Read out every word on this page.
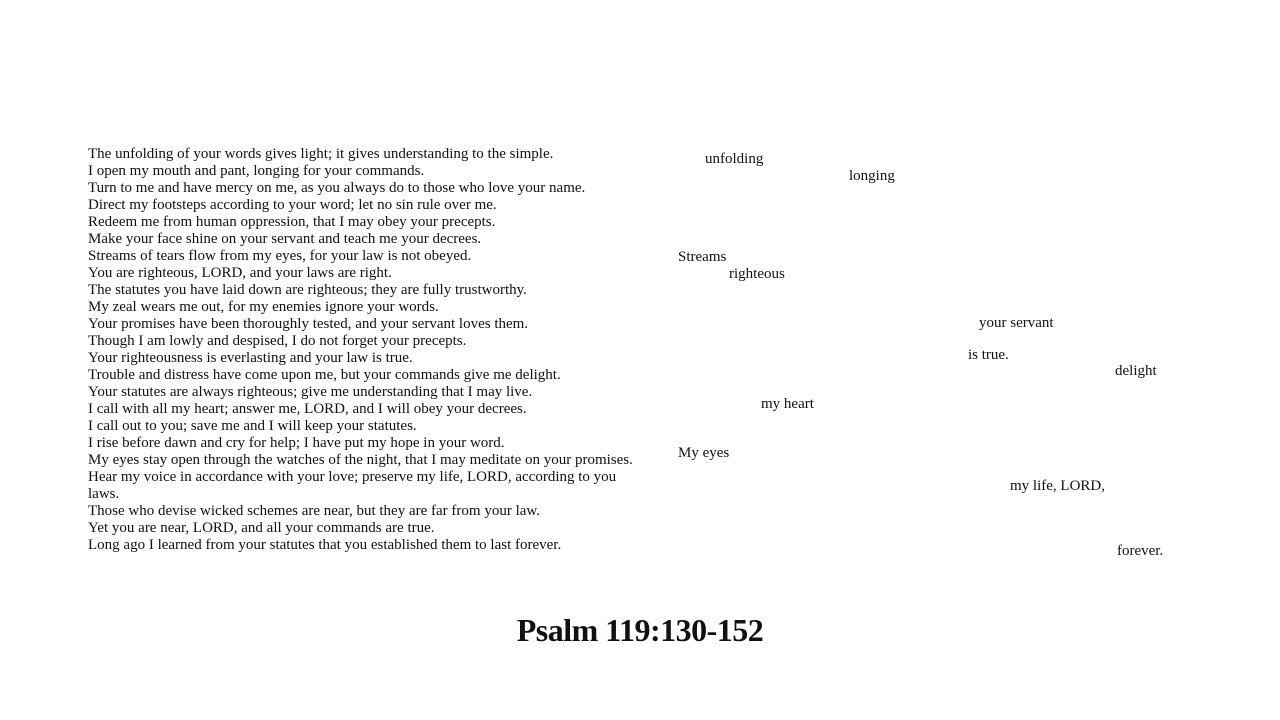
The unfolding of your words gives light; it gives understanding to the simple.
I open my mouth and pant, longing for your commands.
Turn to me and have mercy on me, as you always do to those who love your name.
Direct my footsteps according to your word; let no sin rule over me.
Redeem me from human oppression, that I may obey your precepts.
Make your face shine on your servant and teach me your decrees.
Streams of tears flow from my eyes, for your law is not obeyed.
You are righteous, LORD, and your laws are right.
The statutes you have laid down are righteous; they are fully trustworthy.
My zeal wears me out, for my enemies ignore your words.
Your promises have been thoroughly tested, and your servant loves them.
Though I am lowly and despised, I do not forget your precepts.
Your righteousness is everlasting and your law is true.
Trouble and distress have come upon me, but your commands give me delight.
Your statutes are always righteous; give me understanding that I may live.
I call with all my heart; answer me, LORD, and I will obey your decrees.
I call out to you; save me and I will keep your statutes.
I rise before dawn and cry for help; I have put my hope in your word.
My eyes stay open through the watches of the night, that I may meditate on your promises.
Hear my voice in accordance with your love; preserve my life, LORD, according to you laws.
Those who devise wicked schemes are near, but they are far from your law.
Yet you are near, LORD, and all your commands are true.
Long ago I learned from your statutes that you established them to last forever.
unfolding
longing
Streams
righteous
your servant
is true.
delight
my heart
My eyes
my life, LORD,
forever.
Psalm 119:130-152
